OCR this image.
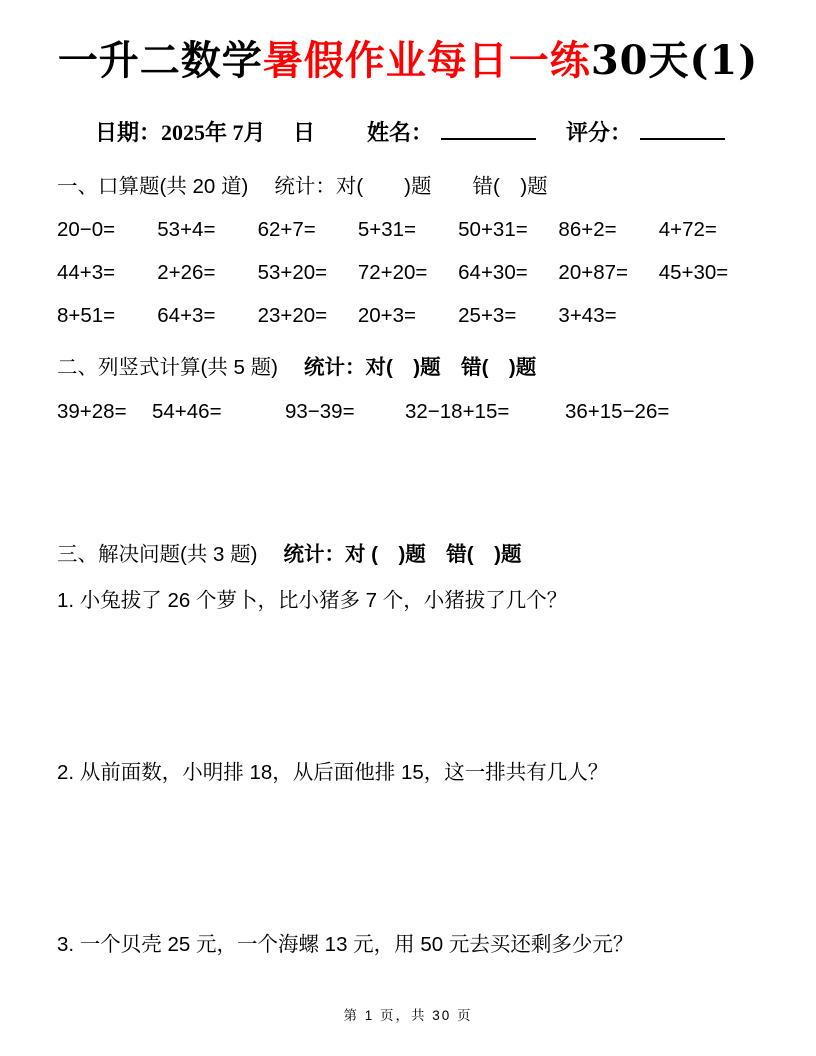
一升二数学暑假作业每日一练30天(1)
日期：2025年 7月　 日 姓名：	评分：
一、口算题(共 20 道) 统计：对(　　)题　　错(　)题
20−0=	53+4=	62+7=	5+31=	50+31=	86+2=	4+72=
44+3=	2+26=	53+20=	72+20=	64+30=	20+87=	45+30=
8+51=	64+3=	23+20=	20+3=	25+3=	3+43=
二、列竖式计算(共 5 题) 统计：对(　)题　错(　)题
39+28=	54+46=	93−39=	32−18+15=	36+15−26=
三、解决问题(共 3 题) 统计：对 (　)题　错(　)题
1. 小兔拔了 26 个萝卜，比小猪多 7 个，小猪拔了几个？
2. 从前面数，小明排 18，从后面他排 15，这一排共有几人？
3. 一个贝壳 25 元，一个海螺 13 元，用 50 元去买还剩多少元？
第 1 页，共 30 页
